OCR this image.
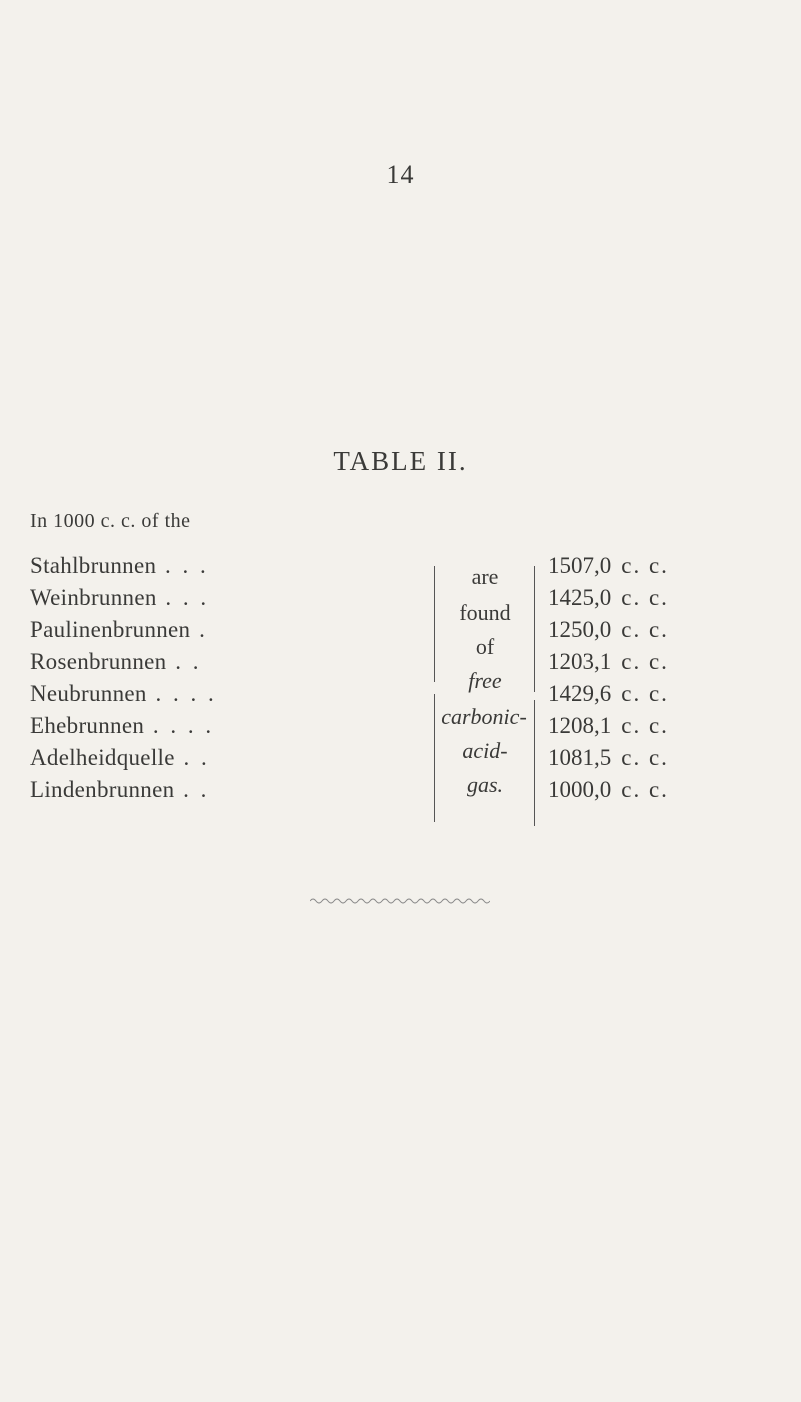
14
TABLE II.
In 1000 c. c. of the
Stahlbrunnen . . .
Weinbrunnen . . .
Paulinenbrunnen .
Rosenbrunnen . .
Neubrunnen . . . .
Ehebrunnen . . . .
Adelheidquelle . .
Lindenbrunnen . .
are
found
of
free
carbonic-
acid-
gas.
1507,0 c. c.
1425,0 c. c.
1250,0 c. c.
1203,1 c. c.
1429,6 c. c.
1208,1 c. c.
1081,5 c. c.
1000,0 c. c.
